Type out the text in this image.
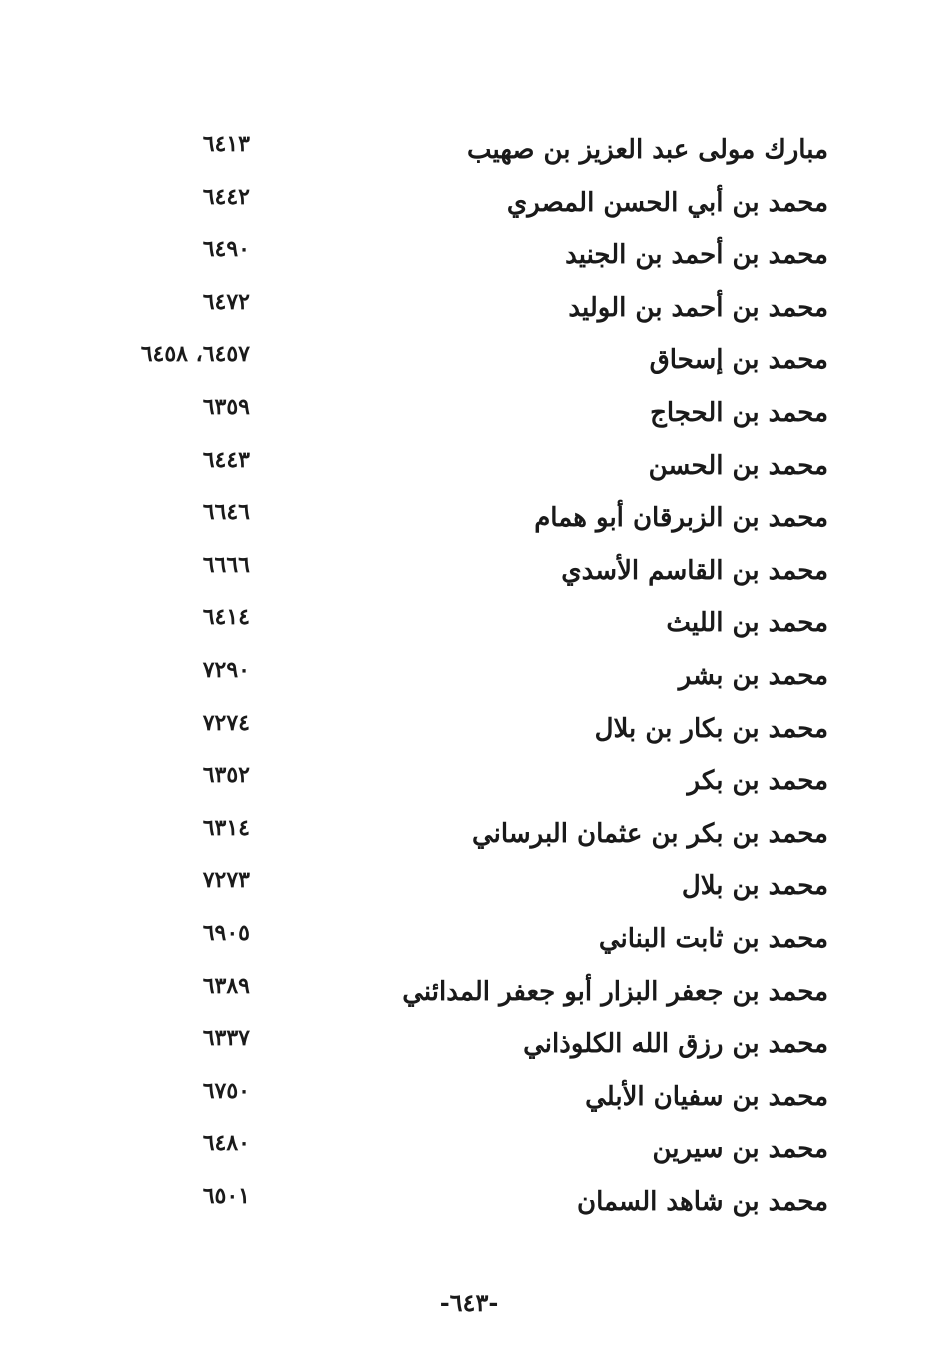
مبارك مولى عبد العزيز بن صهيب
٦٤١٣
محمد بن أبي الحسن المصري
٦٤٤٢
محمد بن أحمد بن الجنيد
٦٤٩٠
محمد بن أحمد بن الوليد
٦٤٧٢
محمد بن إسحاق
٦٤٥٧، ٦٤٥٨
محمد بن الحجاج
٦٣٥٩
محمد بن الحسن
٦٤٤٣
محمد بن الزبرقان أبو همام
٦٦٤٦
محمد بن القاسم الأسدي
٦٦٦٦
محمد بن الليث
٦٤١٤
محمد بن بشر
٧٢٩٠
محمد بن بكار بن بلال
٧٢٧٤
محمد بن بكر
٦٣٥٢
محمد بن بكر بن عثمان البرساني
٦٣١٤
محمد بن بلال
٧٢٧٣
محمد بن ثابت البناني
٦٩٠٥
محمد بن جعفر البزار أبو جعفر المدائني
٦٣٨٩
محمد بن رزق الله الكلوذاني
٦٣٣٧
محمد بن سفيان الأبلي
٦٧٥٠
محمد بن سيرين
٦٤٨٠
محمد بن شاهد السمان
٦٥٠١
-٦٤٣-
